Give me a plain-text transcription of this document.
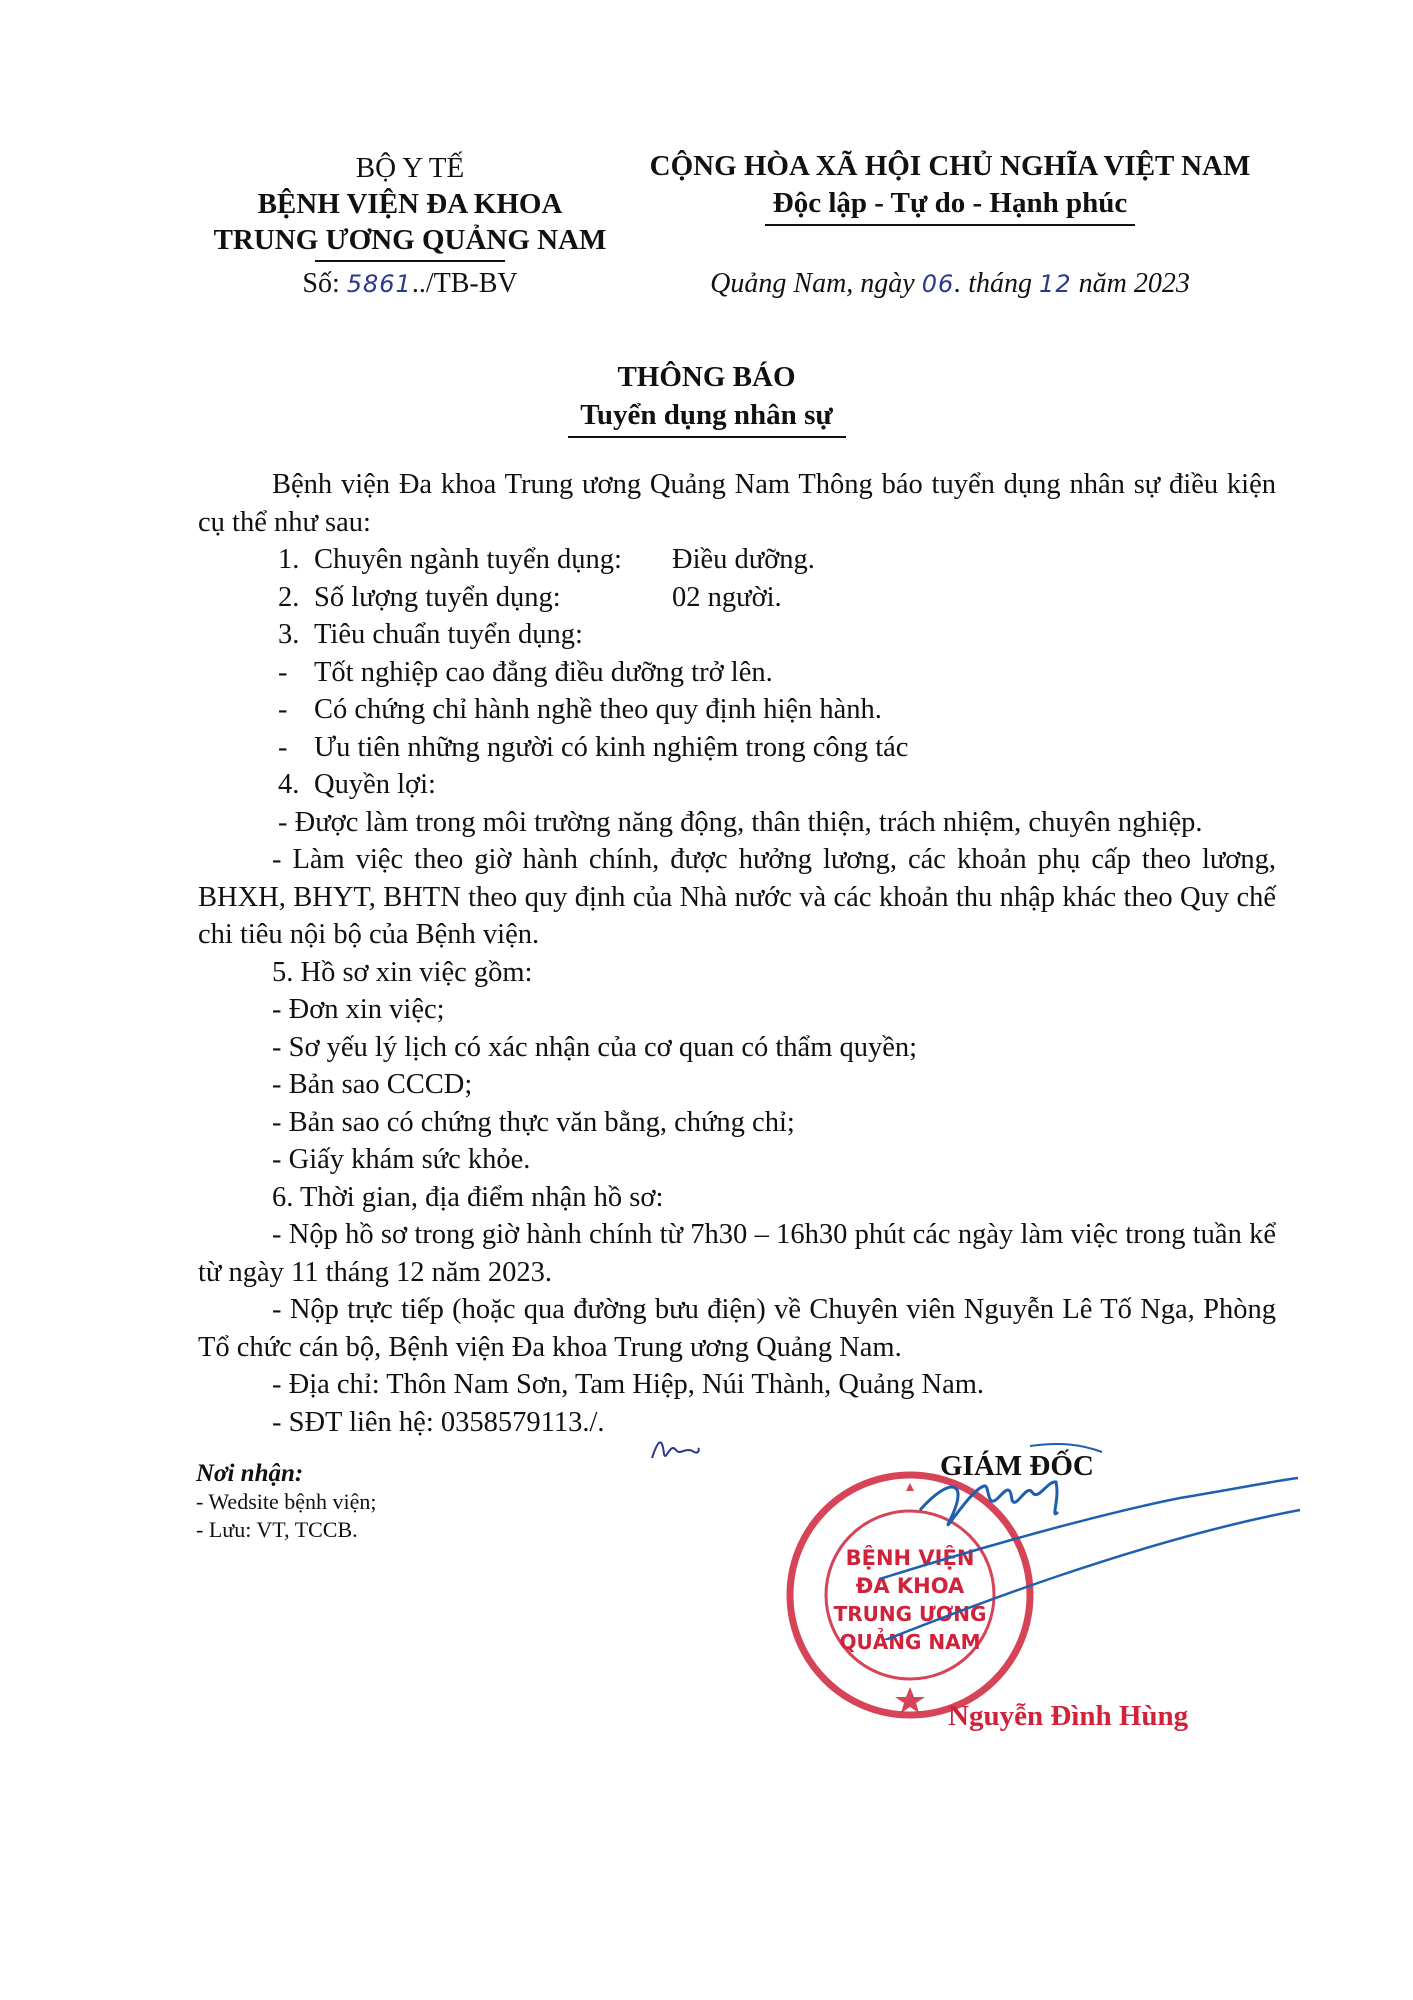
BỘ Y TẾ
BỆNH VIỆN ĐA KHOA
TRUNG ƯƠNG QUẢNG NAM
Số: 5861../TB-BV
CỘNG HÒA XÃ HỘI CHỦ NGHĨA VIỆT NAM
Độc lập - Tự do - Hạnh phúc
Quảng Nam, ngày 06. tháng 12 năm 2023
THÔNG BÁO
Tuyển dụng nhân sự

Bệnh viện Đa khoa Trung ương Quảng Nam Thông báo tuyển dụng nhân sự điều kiện cụ thể như sau:

1. Chuyên ngành tuyển dụng:	Điều dưỡng.
2. Số lượng tuyển dụng:	02 người.
3. Tiêu chuẩn tuyển dụng:
- Tốt nghiệp cao đẳng điều dưỡng trở lên.
- Có chứng chỉ hành nghề theo quy định hiện hành.
- Ưu tiên những người có kinh nghiệm trong công tác
4. Quyền lợi:

- Được làm trong môi trường năng động, thân thiện, trách nhiệm, chuyên nghiệp.

- Làm việc theo giờ hành chính, được hưởng lương, các khoản phụ cấp theo lương, BHXH, BHYT, BHTN theo quy định của Nhà nước và các khoản thu nhập khác theo Quy chế chi tiêu nội bộ của Bệnh viện.

5. Hồ sơ xin việc gồm:

- Đơn xin việc;

- Sơ yếu lý lịch có xác nhận của cơ quan có thẩm quyền;

- Bản sao CCCD;

- Bản sao có chứng thực văn bằng, chứng chỉ;

- Giấy khám sức khỏe.

6. Thời gian, địa điểm nhận hồ sơ:

- Nộp hồ sơ trong giờ hành chính từ 7h30 – 16h30 phút các ngày làm việc trong tuần kể từ ngày 11 tháng 12 năm 2023.

- Nộp trực tiếp (hoặc qua đường bưu điện) về Chuyên viên Nguyễn Lê Tố Nga, Phòng Tổ chức cán bộ, Bệnh viện Đa khoa Trung ương Quảng Nam.

- Địa chỉ: Thôn Nam Sơn, Tam Hiệp, Núi Thành, Quảng Nam.

- SĐT liên hệ: 0358579113./.

Nơi nhận:
- Wedsite bệnh viện;
- Lưu: VT, TCCB.
BỆNH VIỆN
ĐA KHOA
TRUNG ƯƠNG
QUẢNG NAM
GIÁM ĐỐC
Nguyễn Đình Hùng
